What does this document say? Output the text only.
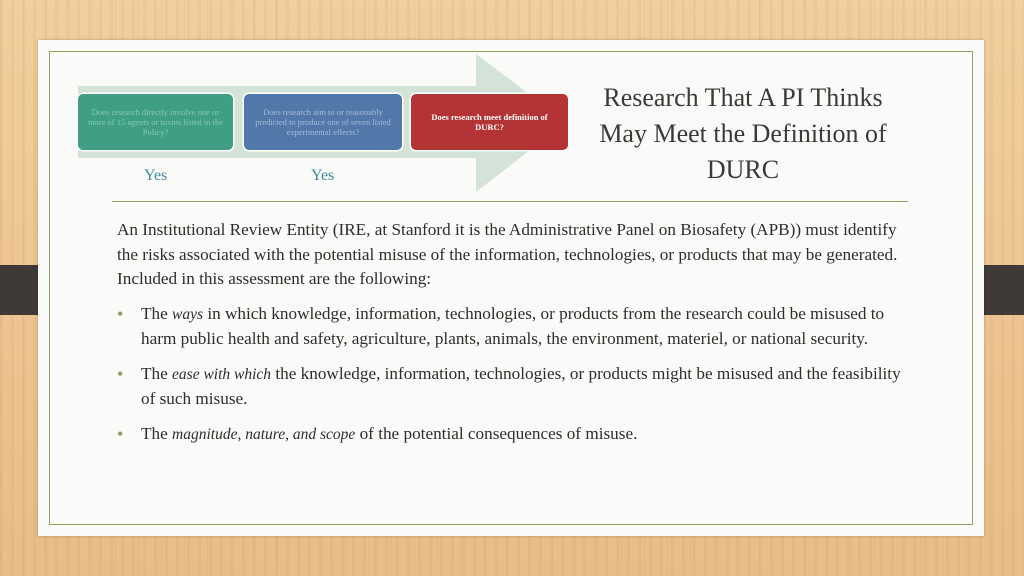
Does research directly involve one or more of 15 agents or toxins listed in the Policy?
Does research aim to or reasonably predicted to produce one of seven listed experimental effects?
Does research meet definition of DURC?
Yes	Yes
Research That A PI Thinks
May Meet the Definition of
DURC

An Institutional Review Entity (IRE, at Stanford it is the Administrative Panel on Biosafety (APB)) must identify the risks associated with the potential misuse of the information, technologies, or products that may be generated. Included in this assessment are the following:

• The ways in which knowledge, information, technologies, or products from the research could be misused to harm public health and safety, agriculture, plants, animals, the environment, materiel, or national security.
• The ease with which the knowledge, information, technologies, or products might be misused and the feasibility of such misuse.
• The magnitude, nature, and scope of the potential consequences of misuse.
